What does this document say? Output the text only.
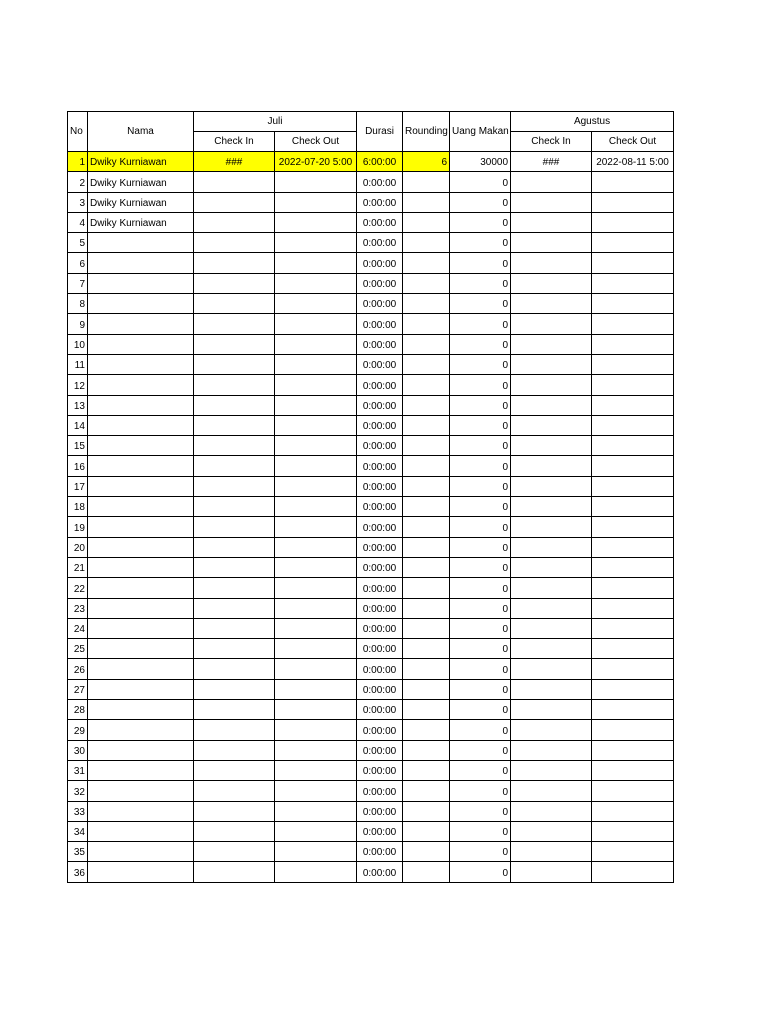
No	Nama	Juli		Durasi	Rounding	Uang Makan	Agustus	
		Check In	Check Out				Check In	Check Out
1	Dwiky Kurniawan	###	2022-07-20 5:00	6:00:00	6	30000	###	2022-08-11 5:00
2	Dwiky Kurniawan			0:00:00		0		
3	Dwiky Kurniawan			0:00:00		0		
4	Dwiky Kurniawan			0:00:00		0		
5				0:00:00		0		
6				0:00:00		0		
7				0:00:00		0		
8				0:00:00		0		
9				0:00:00		0		
10				0:00:00		0		
11				0:00:00		0		
12				0:00:00		0		
13				0:00:00		0		
14				0:00:00		0		
15				0:00:00		0		
16				0:00:00		0		
17				0:00:00		0		
18				0:00:00		0		
19				0:00:00		0		
20				0:00:00		0		
21				0:00:00		0		
22				0:00:00		0		
23				0:00:00		0		
24				0:00:00		0		
25				0:00:00		0		
26				0:00:00		0		
27				0:00:00		0		
28				0:00:00		0		
29				0:00:00		0		
30				0:00:00		0		
31				0:00:00		0		
32				0:00:00		0		
33				0:00:00		0		
34				0:00:00		0		
35				0:00:00		0		
36				0:00:00		0		
